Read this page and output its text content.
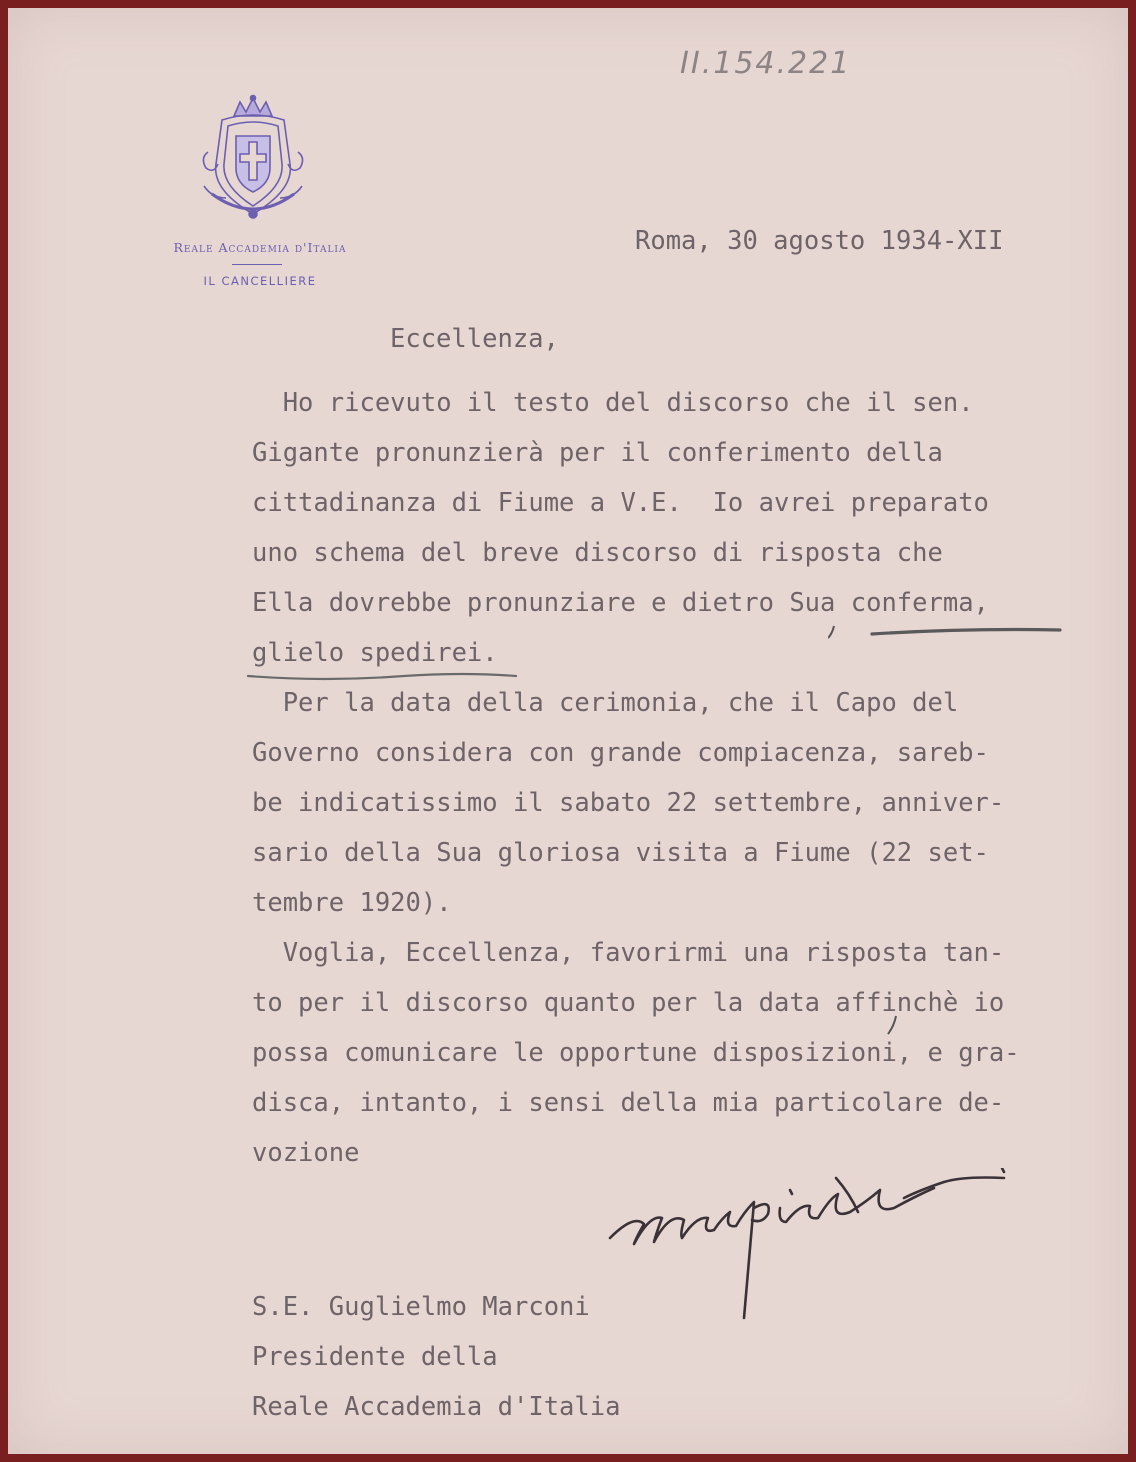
II.154.221
Reale Accademia d'Italia
IL CANCELLIERE
Roma, 30 agosto 1934-XII
Eccellenza,
Ho ricevuto il testo del discorso che il sen.
Gigante pronunzierà per il conferimento della
cittadinanza di Fiume a V.E.  Io avrei preparato
uno schema del breve discorso di risposta che
Ella dovrebbe pronunziare e dietro Sua conferma,
glielo spedirei.
Per la data della cerimonia, che il Capo del
Governo considera con grande compiacenza, sareb-
be indicatissimo il sabato 22 settembre, anniver-
sario della Sua gloriosa visita a Fiume (22 set-
tembre 1920).
Voglia, Eccellenza, favorirmi una risposta tan-
to per il discorso quanto per la data affinchè io
possa comunicare le opportune disposizioni, e gra-
disca, intanto, i sensi della mia particolare de-
vozione
S.E. Guglielmo Marconi
Presidente della
Reale Accademia d'Italia
